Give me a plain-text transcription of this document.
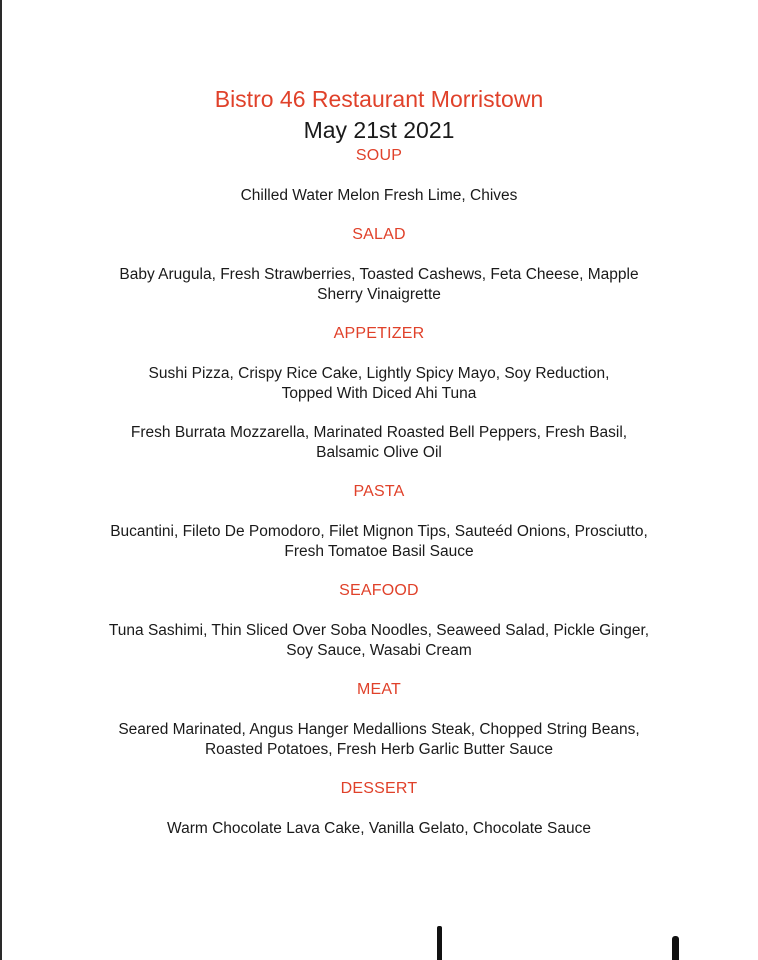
Bistro 46 Restaurant Morristown
May 21st 2021
SOUP
Chilled Water Melon Fresh Lime, Chives
SALAD
Baby Arugula, Fresh Strawberries, Toasted Cashews, Feta Cheese, Mapple
Sherry Vinaigrette
APPETIZER
Sushi Pizza, Crispy Rice Cake, Lightly Spicy Mayo, Soy Reduction,
Topped With Diced Ahi Tuna
Fresh Burrata Mozzarella, Marinated Roasted Bell Peppers, Fresh Basil,
Balsamic Olive Oil
PASTA
Bucantini, Fileto De Pomodoro, Filet Mignon Tips, Sauteéd Onions, Prosciutto,
Fresh Tomatoe Basil Sauce
SEAFOOD
Tuna Sashimi, Thin Sliced Over Soba Noodles, Seaweed Salad, Pickle Ginger,
Soy Sauce, Wasabi Cream
MEAT
Seared Marinated, Angus Hanger Medallions Steak, Chopped String Beans,
Roasted Potatoes, Fresh Herb Garlic Butter Sauce
DESSERT
Warm Chocolate Lava Cake, Vanilla Gelato, Chocolate Sauce
